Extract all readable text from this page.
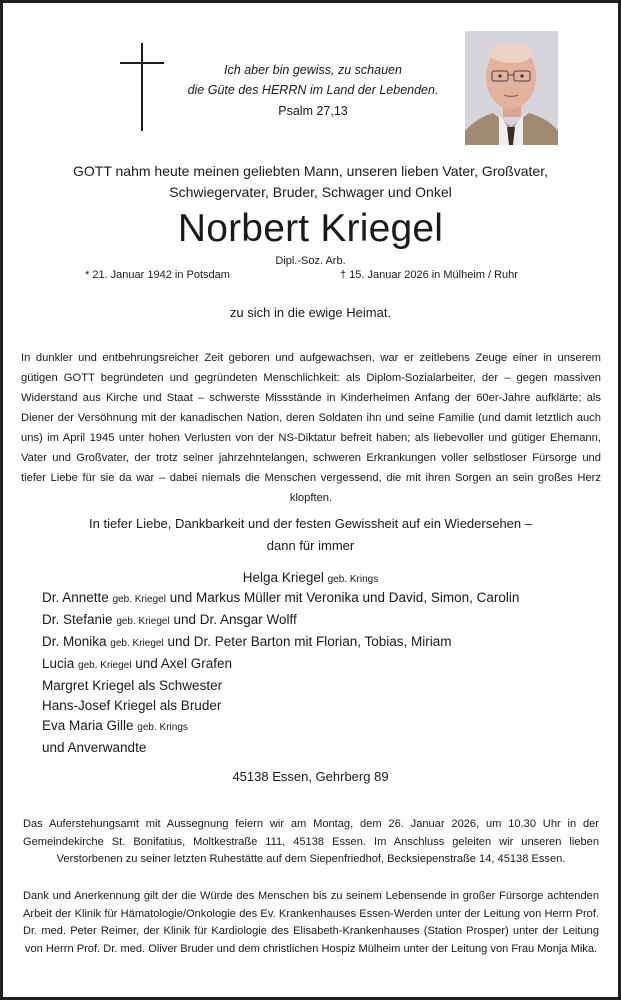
Ich aber bin gewiss, zu schauen
die Güte des HERRN im Land der Lebenden.
Psalm 27,13
GOTT nahm heute meinen geliebten Mann, unseren lieben Vater, Großvater,
Schwiegervater, Bruder, Schwager und Onkel
Norbert Kriegel
Dipl.-Soz. Arb.
* 21. Januar 1942 in Potsdam	† 15. Januar 2026 in Mülheim / Ruhr
zu sich in die ewige Heimat.
In dunkler und entbehrungsreicher Zeit geboren und aufgewachsen, war er zeitlebens Zeuge einer in unserem gütigen GOTT begründeten und gegründeten Menschlichkeit: als Diplom-Sozialarbeiter, der – gegen massiven Widerstand aus Kirche und Staat – schwerste Missstände in Kinderheimen Anfang der 60er-Jahre aufklärte; als Diener der Versöhnung mit der kanadischen Nation, deren Soldaten ihn und seine Familie (und damit letztlich auch uns) im April 1945 unter hohen Verlusten von der NS-Diktatur befreit haben; als liebevoller und gütiger Ehemann, Vater und Großvater, der trotz seiner jahrzehntelangen, schweren Erkrankungen voller selbstloser Fürsorge und tiefer Liebe für sie da war – dabei niemals die Menschen vergessend, die mit ihren Sorgen an sein großes Herz klopften.
In tiefer Liebe, Dankbarkeit und der festen Gewissheit auf ein Wiedersehen –
dann für immer
Helga Kriegel geb. Krings
Dr. Annette geb. Kriegel und Markus Müller mit Veronika und David, Simon, Carolin
Dr. Stefanie geb. Kriegel und Dr. Ansgar Wolff
Dr. Monika geb. Kriegel und Dr. Peter Barton mit Florian, Tobias, Miriam
Lucia geb. Kriegel und Axel Grafen
Margret Kriegel als Schwester
Hans-Josef Kriegel als Bruder
Eva Maria Gille geb. Krings
und Anverwandte
45138 Essen, Gehrberg 89
Das Auferstehungsamt mit Aussegnung feiern wir am Montag, dem 26. Januar 2026, um 10.30 Uhr in der Gemeindekirche St. Bonifatius, Moltkestraße 111, 45138 Essen. Im Anschluss geleiten wir unseren lieben Verstorbenen zu seiner letzten Ruhestätte auf dem Siepenfriedhof, Becksiepenstraße 14, 45138 Essen.
Dank und Anerkennung gilt der die Würde des Menschen bis zu seinem Lebensende in großer Fürsorge achtenden Arbeit der Klinik für Hämatologie/Onkologie des Ev. Krankenhauses Essen-Werden unter der Leitung von Herrn Prof. Dr. med. Peter Reimer, der Klinik für Kardiologie des Elisabeth-Krankenhauses (Station Prosper) unter der Leitung von Herrn Prof. Dr. med. Oliver Bruder und dem christlichen Hospiz Mülheim unter der Leitung von Frau Monja Mika.
